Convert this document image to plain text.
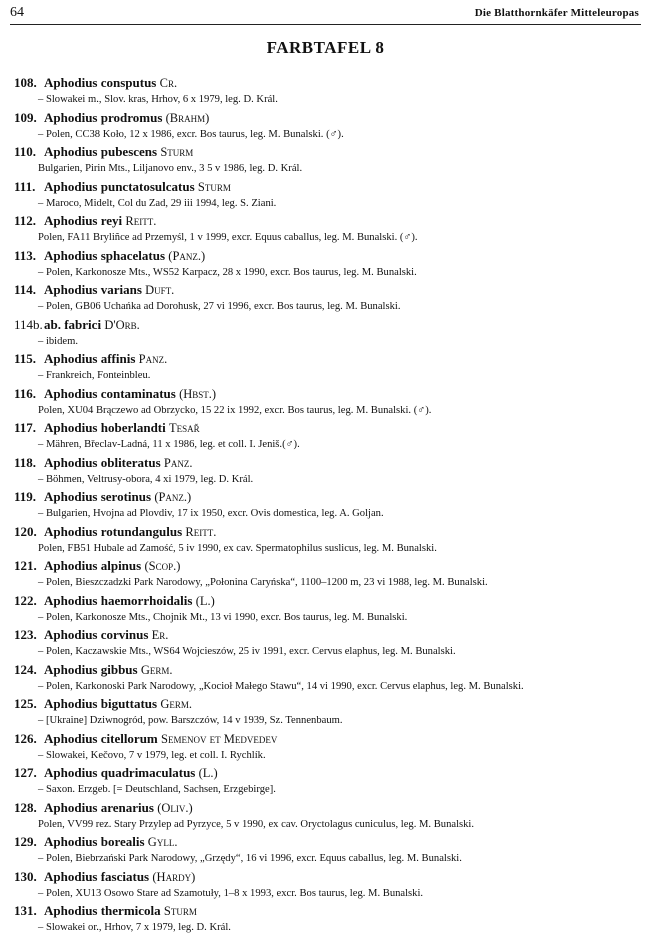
64	Die Blatthornkäfer Mitteleuropas
FARBTAFEL 8
108. Aphodius consputus Cr.
– Slowakei m., Slov. kras, Hrhov, 6 x 1979, leg. D. Král.
109. Aphodius prodromus (Brahm)
– Polen, CC38 Koło, 12 x 1986, excr. Bos taurus, leg. M. Bunalski. (♂).
110. Aphodius pubescens Sturm
Bulgarien, Pirin Mts., Liljanovo env., 3 5 v 1986, leg. D. Král.
111. Aphodius punctatosulcatus Sturm
– Maroco, Midelt, Col du Zad, 29 iii 1994, leg. S. Ziani.
112. Aphodius reyi Reitt.
Polen, FA11 Bryliñce ad Przemyśl, 1 v 1999, excr. Equus caballus, leg. M. Bunalski. (♂).
113. Aphodius sphacelatus (Panz.)
– Polen, Karkonosze Mts., WS52 Karpacz, 28 x 1990, excr. Bos taurus, leg. M. Bunalski.
114. Aphodius varians Duft.
– Polen, GB06 Uchańka ad Dorohusk, 27 vi 1996, excr. Bos taurus, leg. M. Bunalski.
114b.ab. fabrici D'Orb.
– ibidem.
115. Aphodius affinis Panz.
– Frankreich, Fonteinbleu.
116. Aphodius contaminatus (Hbst.)
Polen, XU04 Brączewo ad Obrzycko, 15 22 ix 1992, excr. Bos taurus, leg. M. Bunalski. (♂).
117. Aphodius hoberlandti Tesař
– Mähren, Břeclav-Ladná, 11 x 1986, leg. et coll. I. Jeniš.(♂).
118. Aphodius obliteratus Panz.
– Böhmen, Veltrusy-obora, 4 xi 1979, leg. D. Král.
119. Aphodius serotinus (Panz.)
– Bulgarien, Hvojna ad Plovdiv, 17 ix 1950, excr. Ovis domestica, leg. A. Goljan.
120. Aphodius rotundangulus Reitt.
Polen, FB51 Hubale ad Zamość, 5 iv 1990, ex cav. Spermatophilus suslicus, leg. M. Bunalski.
121. Aphodius alpinus (Scop.)
– Polen, Bieszczadzki Park Narodowy, „Połonina Caryńska“, 1100–1200 m, 23 vi 1988, leg. M. Bunalski.
122. Aphodius haemorrhoidalis (L.)
– Polen, Karkonosze Mts., Chojnik Mt., 13 vi 1990, excr. Bos taurus, leg. M. Bunalski.
123. Aphodius corvinus Er.
– Polen, Kaczawskie Mts., WS64 Wojcieszów, 25 iv 1991, excr. Cervus elaphus, leg. M. Bunalski.
124. Aphodius gibbus Germ.
– Polen, Karkonoski Park Narodowy, „Kocioł Małego Stawu“, 14 vi 1990, excr. Cervus elaphus, leg. M. Bunalski.
125. Aphodius biguttatus Germ.
– [Ukraine] Dziwnogród, pow. Barszczów, 14 v 1939, Sz. Tennenbaum.
126. Aphodius citellorum Semenov et Medvedev
– Slowakei, Kečovo, 7 v 1979, leg. et coll. I. Rychlík.
127. Aphodius quadrimaculatus (L.)
– Saxon. Erzgeb. [= Deutschland, Sachsen, Erzgebirge].
128. Aphodius arenarius (Oliv.)
Polen, VV99 rez. Stary Przylep ad Pyrzyce, 5 v 1990, ex cav. Oryctolagus cuniculus, leg. M. Bunalski.
129. Aphodius borealis Gyll.
– Polen, Biebrzański Park Narodowy, „Grzędy“, 16 vi 1996, excr. Equus caballus, leg. M. Bunalski.
130. Aphodius fasciatus (Hardy)
– Polen, XU13 Osowo Stare ad Szamotuły, 1–8 x 1993, excr. Bos taurus, leg. M. Bunalski.
131. Aphodius thermicola Sturm
– Slowakei or., Hrhov, 7 x 1979, leg. D. Král.
